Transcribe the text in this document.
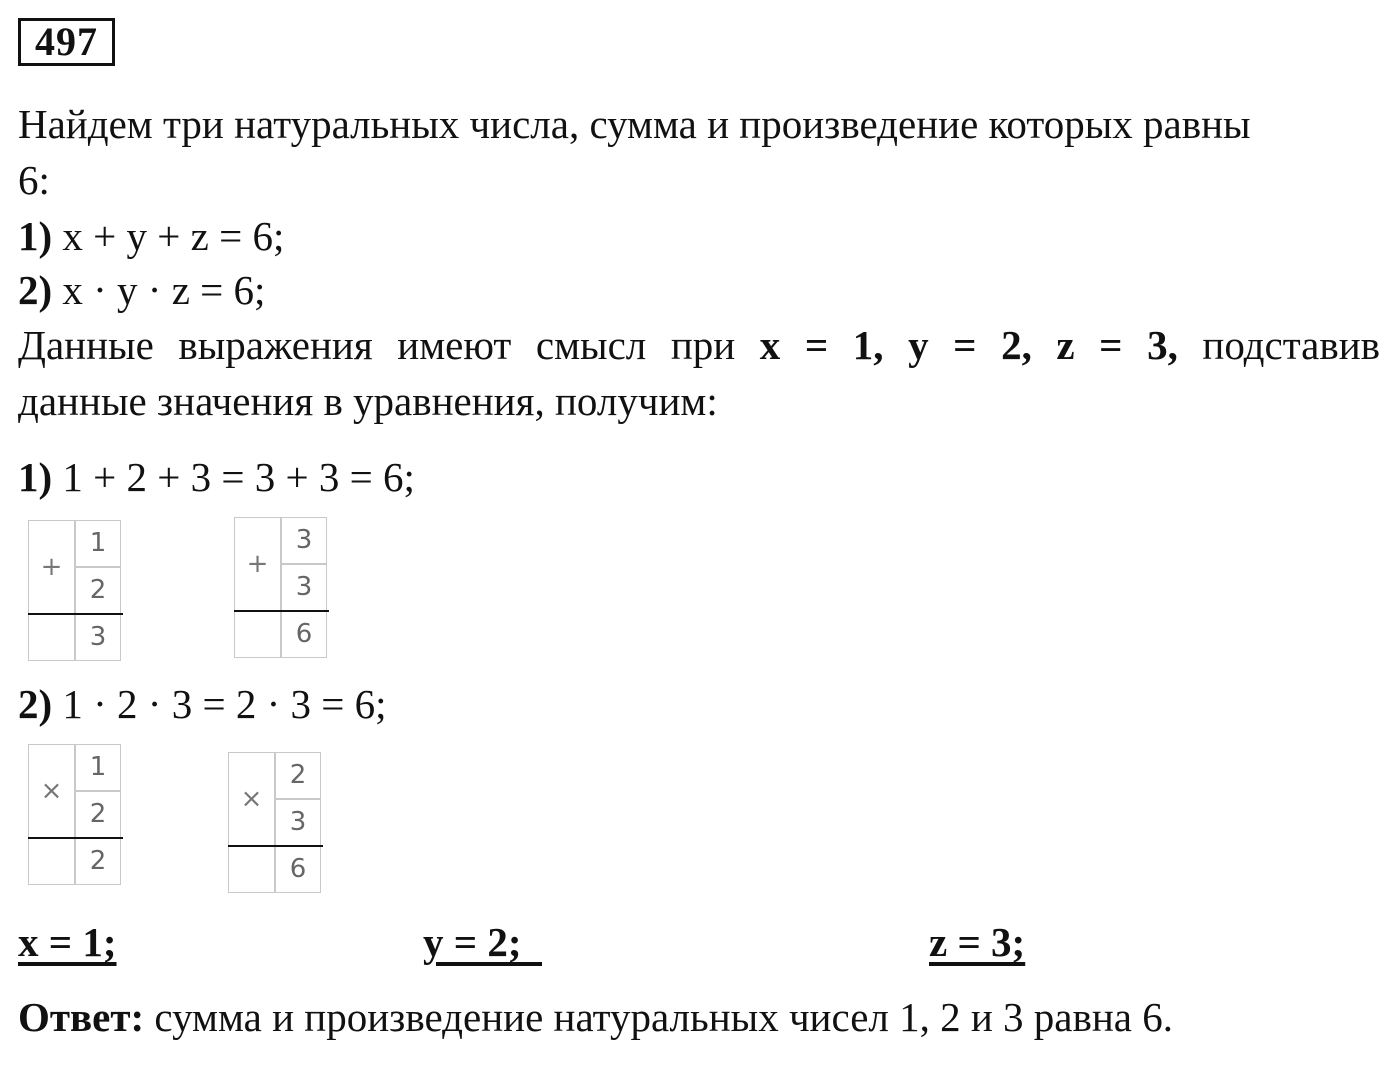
497
Найдем три натуральных числа, сумма и произведение которых равны
6:
1) x + y + z = 6;
2) x · y · z = 6;
Данные выражения имеют смысл при x = 1, y = 2, z = 3, подставив
данные значения в уравнения, получим:
1) 1 + 2 + 3 = 3 + 3 = 6;
+
1
2
3
+
3
3
6
2) 1 · 2 · 3 = 2 · 3 = 6;
×
1
2
2
×
2
3
6
x = 1;	y = 2;	z = 3;
Ответ: сумма и произведение натуральных чисел 1, 2 и 3 равна 6.
